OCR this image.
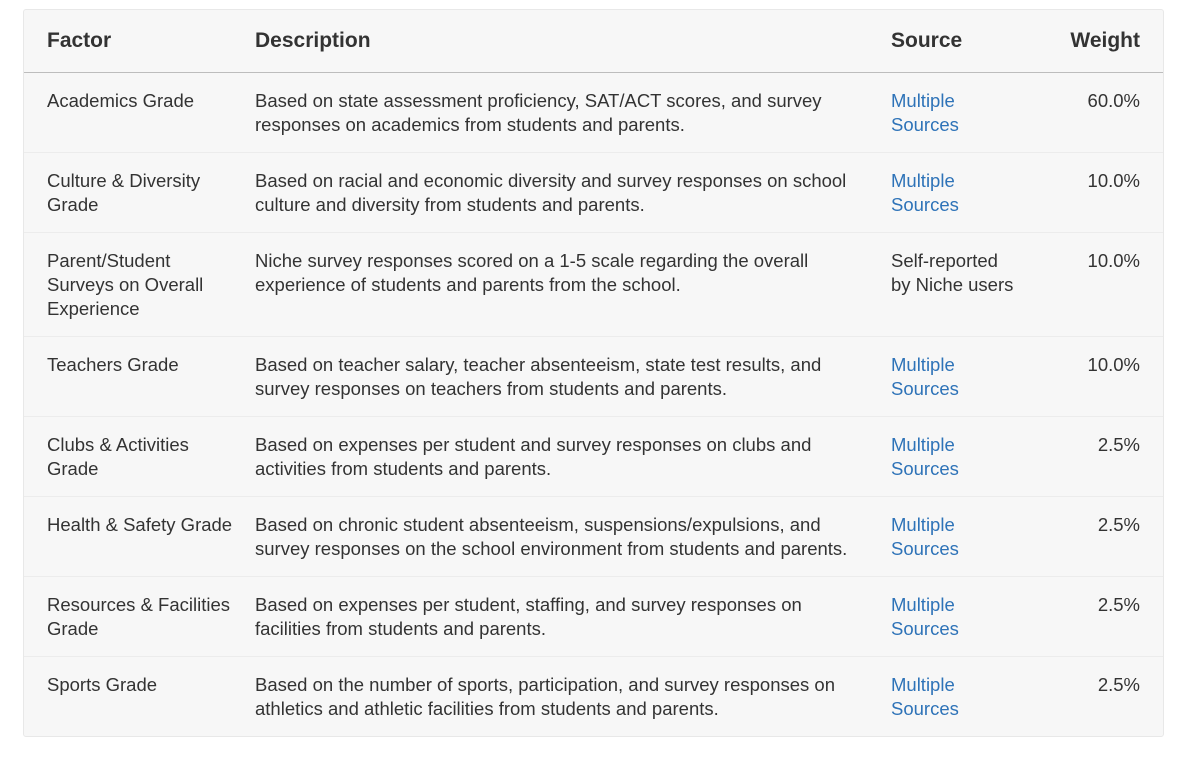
Factor	Description	Source	Weight
Academics Grade	Based on state assessment proficiency, SAT/ACT scores, and survey responses on academics from students and parents.	Multiple Sources	60.0%
Culture & Diversity Grade	Based on racial and economic diversity and survey responses on school culture and diversity from students and parents.	Multiple Sources	10.0%
Parent/Student Surveys on Overall Experience	Niche survey responses scored on a 1-5 scale regarding the overall experience of students and parents from the school.	Self-reported by Niche users	10.0%
Teachers Grade	Based on teacher salary, teacher absenteeism, state test results, and survey responses on teachers from students and parents.	Multiple Sources	10.0%
Clubs & Activities Grade	Based on expenses per student and survey responses on clubs and activities from students and parents.	Multiple Sources	2.5%
Health & Safety Grade	Based on chronic student absenteeism, suspensions/expulsions, and survey responses on the school environment from students and parents.	Multiple Sources	2.5%
Resources & Facilities Grade	Based on expenses per student, staffing, and survey responses on facilities from students and parents.	Multiple Sources	2.5%
Sports Grade	Based on the number of sports, participation, and survey responses on athletics and athletic facilities from students and parents.	Multiple Sources	2.5%
